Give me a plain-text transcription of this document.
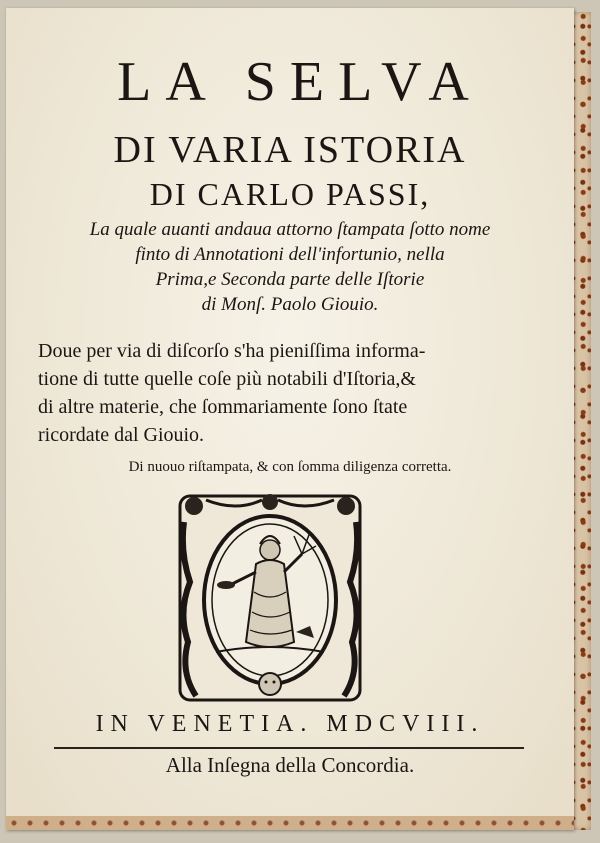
LA SELVA
DI VARIA ISTORIA
DI CARLO PASSI,
La quale auanti andaua attorno ſtampata ſotto nome
finto di Annotationi dell'infortunio, nella
Prima,e Seconda parte delle Iſtorie
di Monſ. Paolo Giouio.
Doue per via di diſcorſo s'ha pieniſſima informa-
tione di tutte quelle coſe più notabili d'Iſtoria,&
di altre materie, che ſommariamente ſono ſtate
ricordate dal Giouio.
Di nuouo riſtampata, & con ſomma diligenza corretta.
IN VENETIA. MDCVIII.
Alla Inſegna della Concordia.
